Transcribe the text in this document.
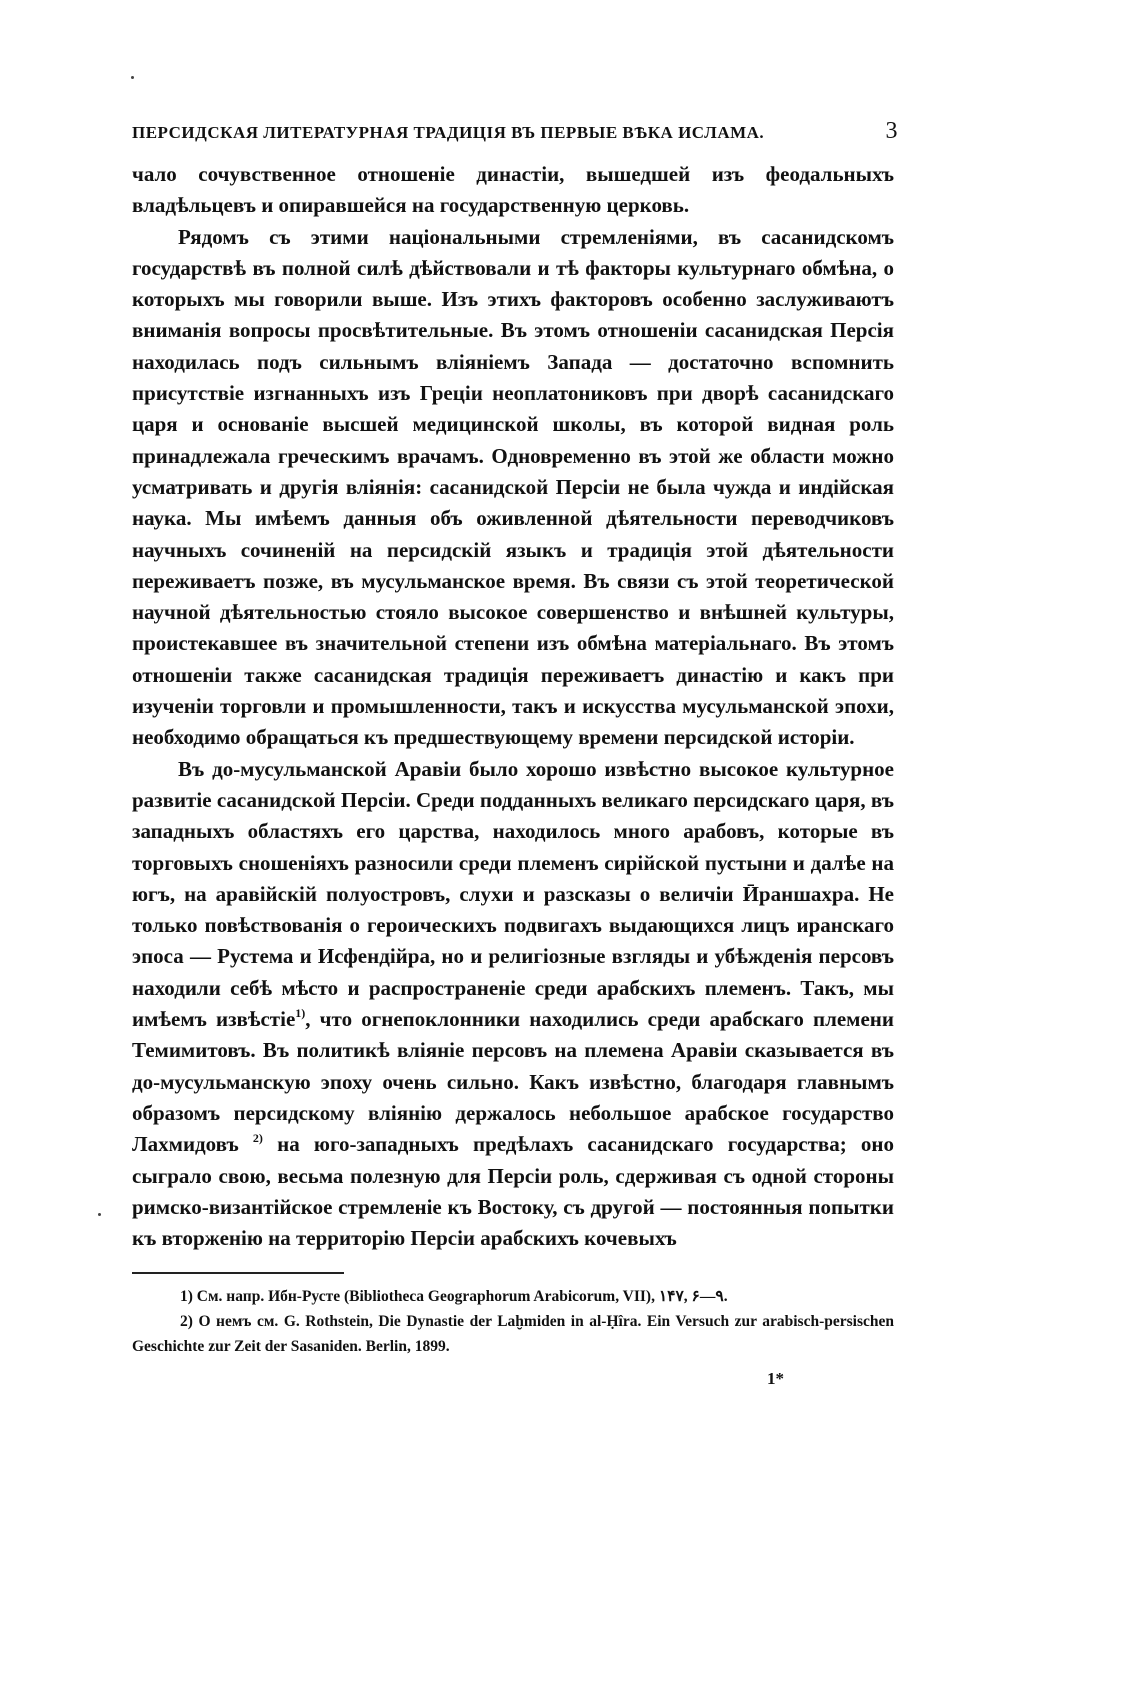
ПЕРСИДСКАЯ ЛИТЕРАТУРНАЯ ТРАДИЦІЯ ВЪ ПЕРВЫЕ ВѢКА ИСЛАМА.	3

чало сочувственное отношеніе династіи, вышедшей изъ феодальныхъ владѣльцевъ и опиравшейся на государственную церковь.

Рядомъ съ этими національными стремленіями, въ сасанидскомъ государствѣ въ полной силѣ дѣйствовали и тѣ факторы культурнаго обмѣна, о которыхъ мы говорили выше. Изъ этихъ факторовъ особенно заслуживаютъ вниманія вопросы просвѣтительные. Въ этомъ отношеніи сасанидская Персія находилась подъ сильнымъ вліяніемъ Запада — достаточно вспомнить присутствіе изгнанныхъ изъ Грецiи неоплатониковъ при дворѣ сасанидскаго царя и основаніе высшей медицинской школы, въ которой видная роль принадлежала греческимъ врачамъ. Одновременно въ этой же области можно усматривать и другія вліянія: сасанидской Персіи не была чужда и индійская наука. Мы имѣемъ данныя объ оживленной дѣятельности переводчиковъ научныхъ сочиненій на персидскій языкъ и традиція этой дѣятельности переживаетъ позже, въ мусульманское время. Въ связи съ этой теоретической научной дѣятельностью стояло высокое совершенство и внѣшней культуры, проистекавшее въ значительной степени изъ обмѣна матеріальнаго. Въ этомъ отношеніи также сасанидская традиція переживаетъ династію и какъ при изученіи торговли и промышленности, такъ и искусства мусульманской эпохи, необходимо обращаться къ предшествующему времени персидской исторіи.

Въ до-мусульманской Аравіи было хорошо извѣстно высокое культурное развитіе сасанидской Персіи. Среди подданныхъ великаго персидскаго царя, въ западныхъ областяхъ его царства, находилось много арабовъ, которые въ торговыхъ сношеніяхъ разносили среди племенъ сирійской пустыни и далѣе на югъ, на аравійскій полуостровъ, слухи и разсказы о величіи Ӣраншахра. Не только повѣствованія о героическихъ подвигахъ выдающихся лицъ иранскаго эпоса — Рустема и Исфендійра, но и религіозные взгляды и убѣжденія персовъ находили себѣ мѣсто и распространеніе среди арабскихъ племенъ. Такъ, мы имѣемъ извѣстіе$^{1)}$, что огнепоклонники находились среди арабскаго племени Темимитовъ. Въ политикѣ вліяніе персовъ на племена Аравіи сказывается въ до-мусульманскую эпоху очень сильно. Какъ извѣстно, благодаря главнымъ образомъ персидскому вліянію держалось небольшое арабское государство Лахмидовъ $^{2)}$ на юго-западныхъ предѣлахъ сасанидскаго государства; оно сыграло свою, весьма полезную для Персіи роль, сдерживая съ одной стороны римско-византійское стремленіе къ Востоку, съ другой — постоянныя попытки къ вторженію на территорію Персіи арабскихъ кочевыхъ

1) См. напр. Ибн-Русте (Bibliotheca Geographorum Arabicorum, VII), ۱۴۷, ۶—۹.

2) О немъ см. G. Rothstein, Die Dynastie der Laḫmiden in al-Ḥîra. Ein Versuch zur arabisch-persischen Geschichte zur Zeit der Sasaniden. Berlin, 1899.

1*
